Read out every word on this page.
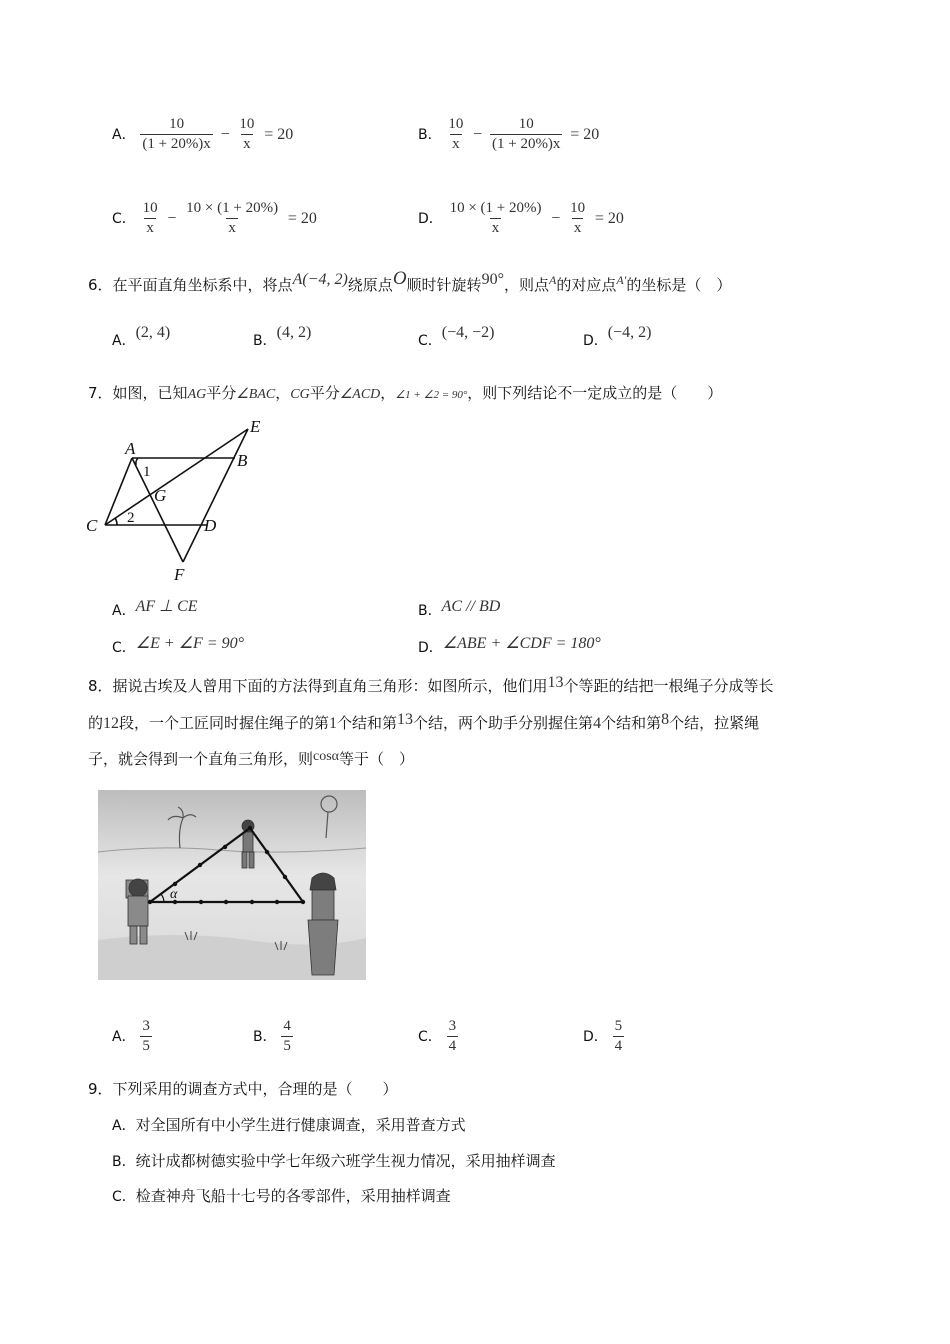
A． $\frac{10}{(1 + 20\%)x} - \frac{10}{x} = 20$	B． $\frac{10}{x} - \frac{10}{(1 + 20\%)x} = 20$
C． $\frac{10}{x} - \frac{10 \times (1 + 20\%)}{x} = 20$	D． $\frac{10 \times (1 + 20\%)}{x} - \frac{10}{x} = 20$
6．在平面直角坐标系中，将点A(−4, 2)绕原点O顺时针旋转90°，则点$^A$的对应点$^{A'}$的坐标是（　）
A．(2, 4)	B．(4, 2)	C．(−4, −2)	D．(−4, 2)
7．如图，已知AG平分∠BAC，CG平分∠ACD，∠1 + ∠2 = 90°，则下列结论不一定成立的是（　　）
A
B
C	D
E
F
G
1
2
A．AF ⊥ CE	B．AC // BD
C．∠E + ∠F = 90°	D．∠ABE + ∠CDF = 180°
8．据说古埃及人曾用下面的方法得到直角三角形：如图所示，他们用13个等距的结把一根绳子分成等长
的12段，一个工匠同时握住绳子的第1个结和第13个结，两个助手分别握住第4个结和第8个结，拉紧绳
子，就会得到一个直角三角形，则cosα等于（　）
α
A． $\frac{3}{5}$	B． $\frac{4}{5}$	C． $\frac{3}{4}$	D． $\frac{5}{4}$
9．下列采用的调查方式中，合理的是（　　）
A．对全国所有中小学生进行健康调查，采用普查方式
B．统计成都树德实验中学七年级六班学生视力情况，采用抽样调查
C．检查神舟飞船十七号的各零部件，采用抽样调查
